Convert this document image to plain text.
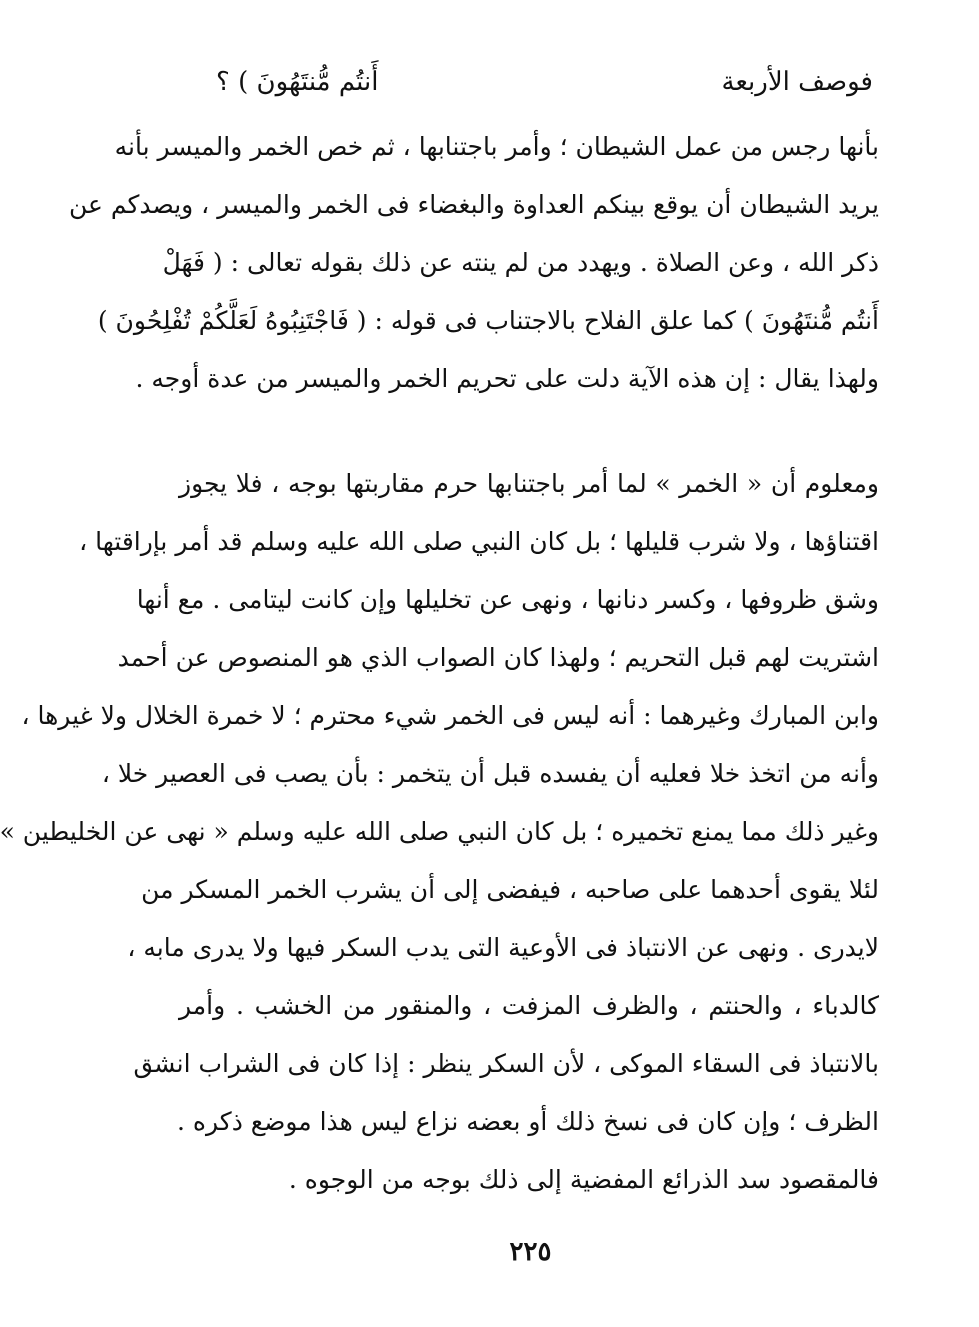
فوصف الأربعة
أَنتُم مُّنتَهُونَ ) ؟
بأنها رجس من عمل الشيطان ؛ وأمر باجتنابها ، ثم خص الخمر والميسر بأنه
يريد الشيطان أن يوقع بينكم العداوة والبغضاء فى الخمر والميسر ، ويصدكم عن
ذكر الله ، وعن الصلاة . ويهدد من لم ينته عن ذلك بقوله تعالى : ( فَهَلْ
أَنتُم مُّنتَهُونَ ) كما علق الفلاح بالاجتناب فى قوله : ( فَاجْتَنِبُوهُ لَعَلَّكُمْ تُفْلِحُونَ )
ولهذا يقال : إن هذه الآية دلت على تحريم الخمر والميسر من عدة أوجه .
ومعلوم أن « الخمر » لما أمر باجتنابها حرم مقاربتها بوجه ، فلا يجوز
اقتناؤها ، ولا شرب قليلها ؛ بل كان النبي صلى الله عليه وسلم قد أمر بإراقتها ،
وشق ظروفها ، وكسر دنانها ، ونهى عن تخليلها وإن كانت ليتامى . مع أنها
اشتريت لهم قبل التحريم ؛ ولهذا كان الصواب الذي هو المنصوص عن أحمد
وابن المبارك وغيرهما : أنه ليس فى الخمر شيء محترم ؛ لا خمرة الخلال ولا غيرها ،
وأنه من اتخذ خلا فعليه أن يفسده قبل أن يتخمر : بأن يصب فى العصير خلا ،
وغير ذلك مما يمنع تخميره ؛ بل كان النبي صلى الله عليه وسلم « نهى عن الخليطين »
لئلا يقوى أحدهما على صاحبه ، فيفضى إلى أن يشرب الخمر المسكر من
لايدرى . ونهى عن الانتباذ فى الأوعية التى يدب السكر فيها ولا يدرى مابه ،
كالدباء ، والحنتم ، والظرف المزفت ، والمنقور من الخشب . وأمر
بالانتباذ فى السقاء الموكى ، لأن السكر ينظر : إذا كان فى الشراب انشق
الظرف ؛ وإن كان فى نسخ ذلك أو بعضه نزاع ليس هذا موضع ذكره .
فالمقصود سد الذرائع المفضية إلى ذلك بوجه من الوجوه .
٢٢٥
